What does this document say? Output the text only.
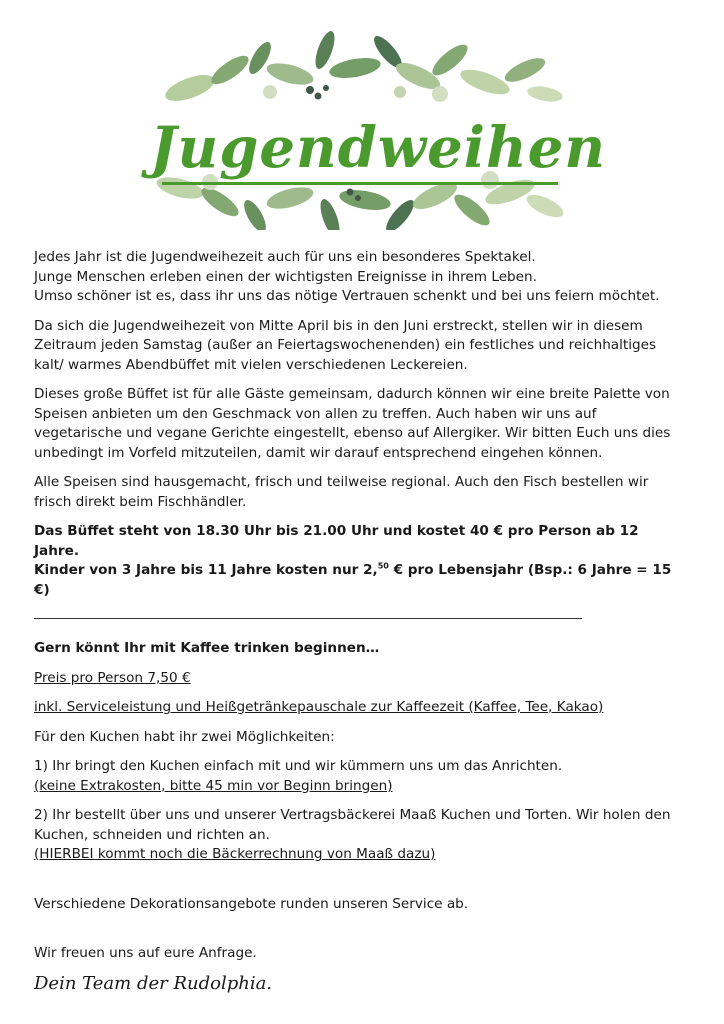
Jugendweihen

Jedes Jahr ist die Jugendweihezeit auch für uns ein besonderes Spektakel.
Junge Menschen erleben einen der wichtigsten Ereignisse in ihrem Leben.
Umso schöner ist es, dass ihr uns das nötige Vertrauen schenkt und bei uns feiern möchtet.

Da sich die Jugendweihezeit von Mitte April bis in den Juni erstreckt, stellen wir in diesem Zeitraum jeden Samstag (außer an Feiertagswochenenden) ein festliches und reichhaltiges kalt/ warmes Abendbüffet mit vielen verschiedenen Leckereien.

Dieses große Büffet ist für alle Gäste gemeinsam, dadurch können wir eine breite Palette von Speisen anbieten um den Geschmack von allen zu treffen. Auch haben wir uns auf vegetarische und vegane Gerichte eingestellt, ebenso auf Allergiker. Wir bitten Euch uns dies unbedingt im Vorfeld mitzuteilen, damit wir darauf entsprechend eingehen können.

Alle Speisen sind hausgemacht, frisch und teilweise regional. Auch den Fisch bestellen wir frisch direkt beim Fischhändler.

Das Büffet steht von 18.30 Uhr bis 21.00 Uhr und kostet 40 € pro Person ab 12 Jahre.
Kinder von 3 Jahre bis 11 Jahre kosten nur 2,50 € pro Lebensjahr (Bsp.: 6 Jahre = 15 €)

Gern könnt Ihr mit Kaffee trinken beginnen…

Preis pro Person 7,50 €

inkl. Serviceleistung und Heißgetränkepauschale zur Kaffeezeit (Kaffee, Tee, Kakao)

Für den Kuchen habt ihr zwei Möglichkeiten:

1) Ihr bringt den Kuchen einfach mit und wir kümmern uns um das Anrichten.
(keine Extrakosten, bitte 45 min vor Beginn bringen)

2) Ihr bestellt über uns und unserer Vertragsbäckerei Maaß Kuchen und Torten. Wir holen den Kuchen, schneiden und richten an.
(HIERBEI kommt noch die Bäckerrechnung von Maaß dazu)

Verschiedene Dekorationsangebote runden unseren Service ab.

Wir freuen uns auf eure Anfrage.

Dein Team der Rudolphia.
